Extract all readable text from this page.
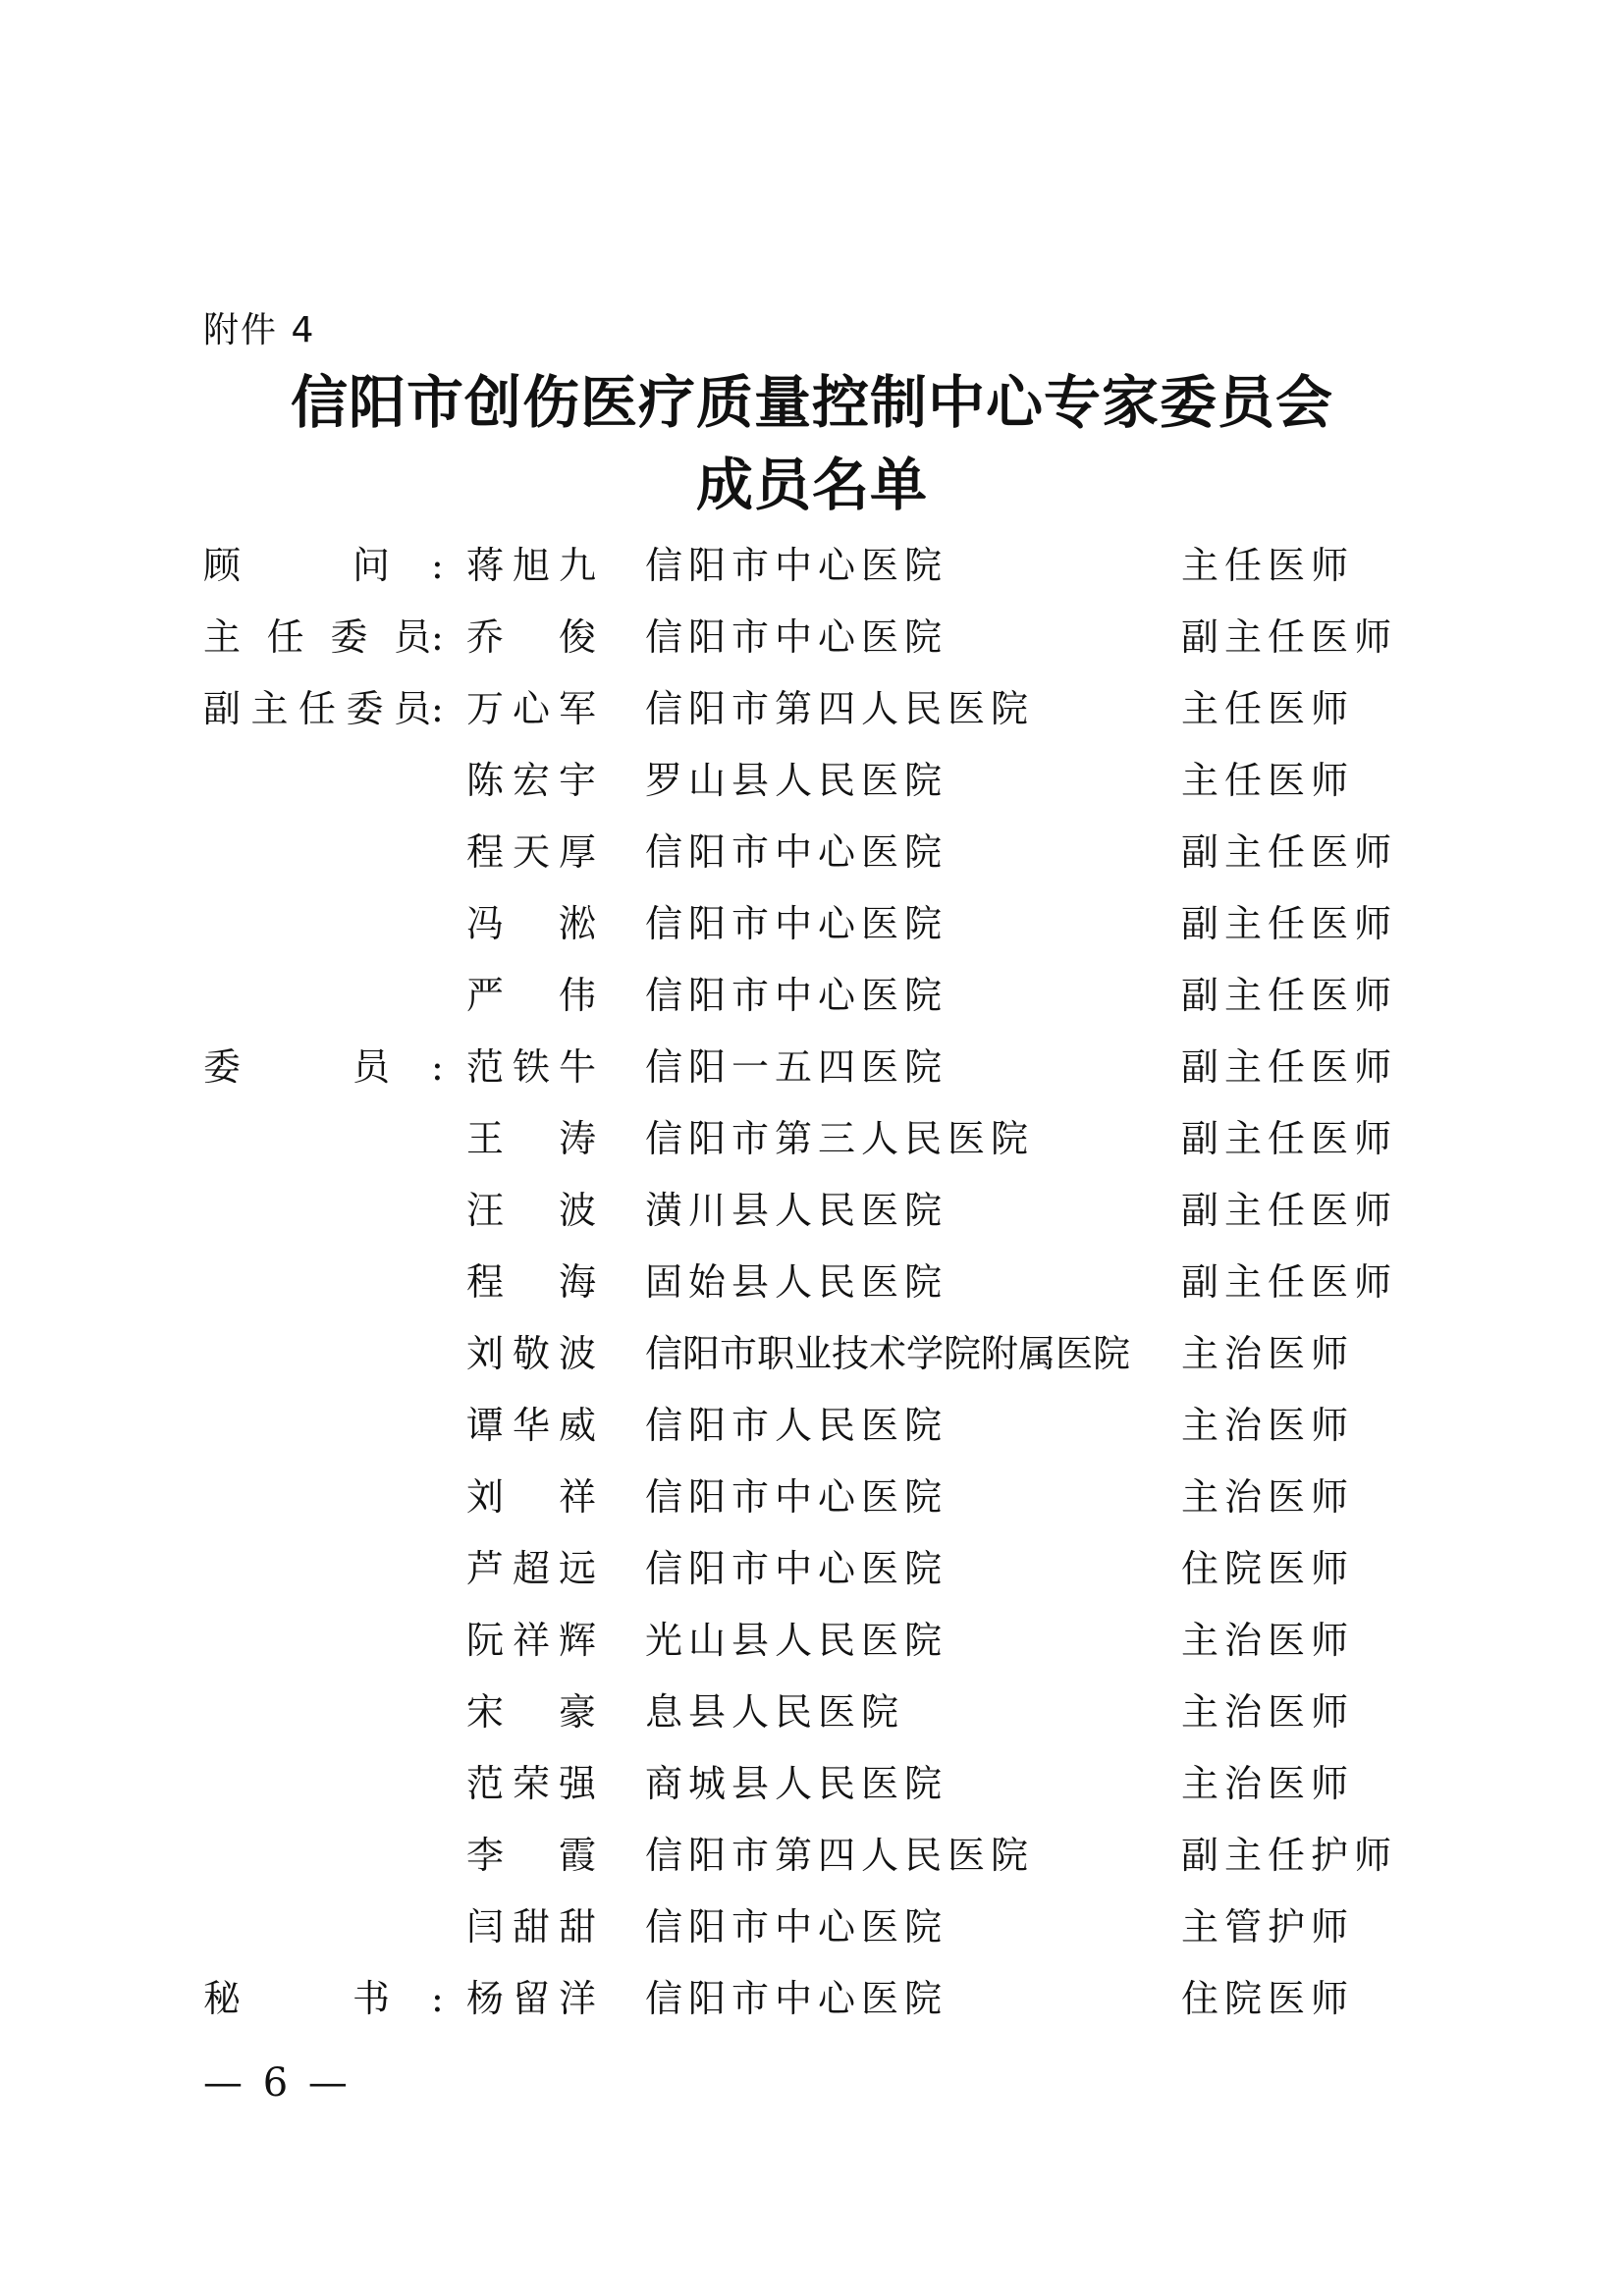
附件 4
信阳市创伤医疗质量控制中心专家委员会
成员名单
顾　　　问	: 蒋旭九 信阳市中心医院	主任医师
主任委员 : 乔俊 信阳市中心医院	副主任医师
副主任委员 : 万心军 信阳市第四人民医院	主任医师
陈宏宇 罗山县人民医院	主任医师
程天厚 信阳市中心医院	副主任医师
冯淞 信阳市中心医院	副主任医师
严伟 信阳市中心医院	副主任医师
委　　　员	: 范铁牛 信阳一五四医院	副主任医师
王涛 信阳市第三人民医院	副主任医师
汪波 潢川县人民医院	副主任医师
程海 固始县人民医院	副主任医师
刘敬波 信阳市职业技术学院附属医院 主治医师
谭华威 信阳市人民医院	主治医师
刘祥 信阳市中心医院	主治医师
芦超远 信阳市中心医院	住院医师
阮祥辉 光山县人民医院	主治医师
宋豪 息县人民医院	主治医师
范荣强 商城县人民医院	主治医师
李霞 信阳市第四人民医院	副主任护师
闫甜甜 信阳市中心医院	主管护师
秘　　　书	: 杨留洋 信阳市中心医院	住院医师
— 6 —
